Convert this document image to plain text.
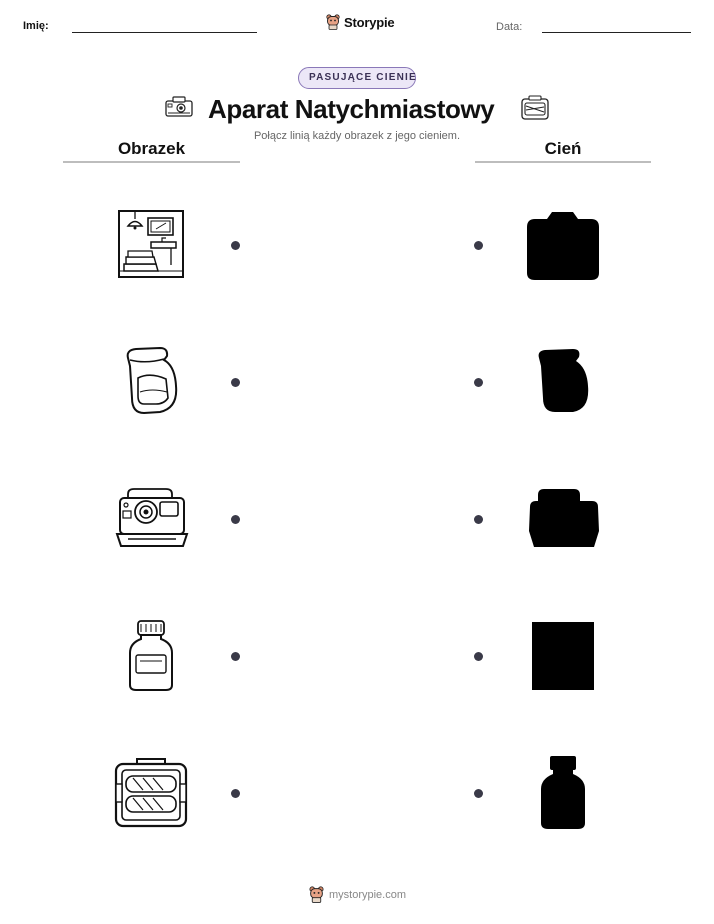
Imię:	Storypie	Data:
PASUJĄCE CIENIE
Aparat Natychmiastowy
Połącz linią każdy obrazek z jego cieniem.
Obrazek	Cień
mystorypie.com
